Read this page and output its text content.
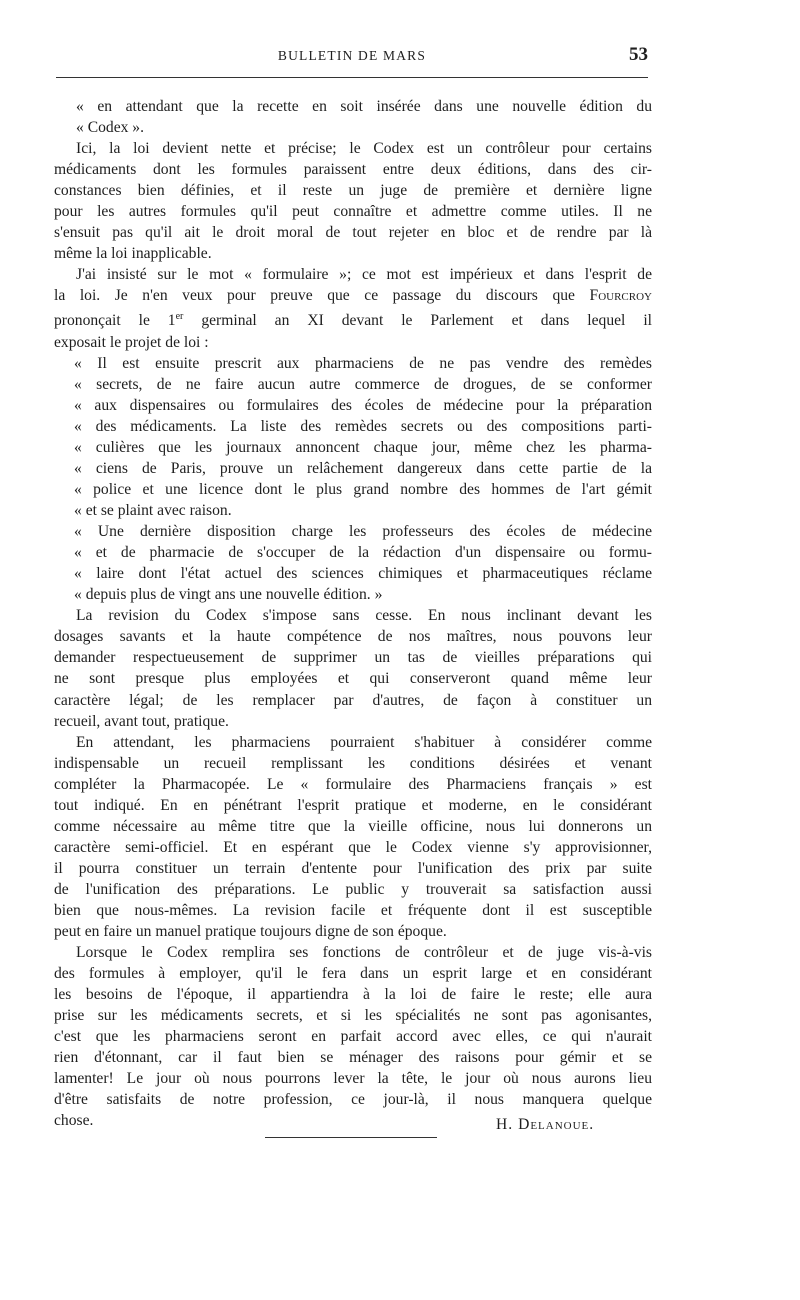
BULLETIN DE MARS	53
« en attendant que la recette en soit insérée dans une nouvelle édition du
« Codex ».
Ici, la loi devient nette et précise; le Codex est un contrôleur pour certains
médicaments dont les formules paraissent entre deux éditions, dans des cir-
constances bien définies, et il reste un juge de première et dernière ligne
pour les autres formules qu'il peut connaître et admettre comme utiles. Il ne
s'ensuit pas qu'il ait le droit moral de tout rejeter en bloc et de rendre par là
même la loi inapplicable.
J'ai insisté sur le mot « formulaire »; ce mot est impérieux et dans l'esprit de
la loi. Je n'en veux pour preuve que ce passage du discours que Fourcroy
prononçait le 1er germinal an XI devant le Parlement et dans lequel il
exposait le projet de loi :
« Il est ensuite prescrit aux pharmaciens de ne pas vendre des remèdes
« secrets, de ne faire aucun autre commerce de drogues, de se conformer
« aux dispensaires ou formulaires des écoles de médecine pour la préparation
« des médicaments. La liste des remèdes secrets ou des compositions parti-
« culières que les journaux annoncent chaque jour, même chez les pharma-
« ciens de Paris, prouve un relâchement dangereux dans cette partie de la
« police et une licence dont le plus grand nombre des hommes de l'art gémit
« et se plaint avec raison.
« Une dernière disposition charge les professeurs des écoles de médecine
« et de pharmacie de s'occuper de la rédaction d'un dispensaire ou formu-
« laire dont l'état actuel des sciences chimiques et pharmaceutiques réclame
« depuis plus de vingt ans une nouvelle édition. »
La revision du Codex s'impose sans cesse. En nous inclinant devant les
dosages savants et la haute compétence de nos maîtres, nous pouvons leur
demander respectueusement de supprimer un tas de vieilles préparations qui
ne sont presque plus employées et qui conserveront quand même leur
caractère légal; de les remplacer par d'autres, de façon à constituer un
recueil, avant tout, pratique.
En attendant, les pharmaciens pourraient s'habituer à considérer comme
indispensable un recueil remplissant les conditions désirées et venant
compléter la Pharmacopée. Le « formulaire des Pharmaciens français » est
tout indiqué. En en pénétrant l'esprit pratique et moderne, en le considérant
comme nécessaire au même titre que la vieille officine, nous lui donnerons un
caractère semi-officiel. Et en espérant que le Codex vienne s'y approvisionner,
il pourra constituer un terrain d'entente pour l'unification des prix par suite
de l'unification des préparations. Le public y trouverait sa satisfaction aussi
bien que nous-mêmes. La revision facile et fréquente dont il est susceptible
peut en faire un manuel pratique toujours digne de son époque.
Lorsque le Codex remplira ses fonctions de contrôleur et de juge vis-à-vis
des formules à employer, qu'il le fera dans un esprit large et en considérant
les besoins de l'époque, il appartiendra à la loi de faire le reste; elle aura
prise sur les médicaments secrets, et si les spécialités ne sont pas agonisantes,
c'est que les pharmaciens seront en parfait accord avec elles, ce qui n'aurait
rien d'étonnant, car il faut bien se ménager des raisons pour gémir et se
lamenter! Le jour où nous pourrons lever la tête, le jour où nous aurons lieu
d'être satisfaits de notre profession, ce jour-là, il nous manquera quelque
chose.	H. Delanoue.
